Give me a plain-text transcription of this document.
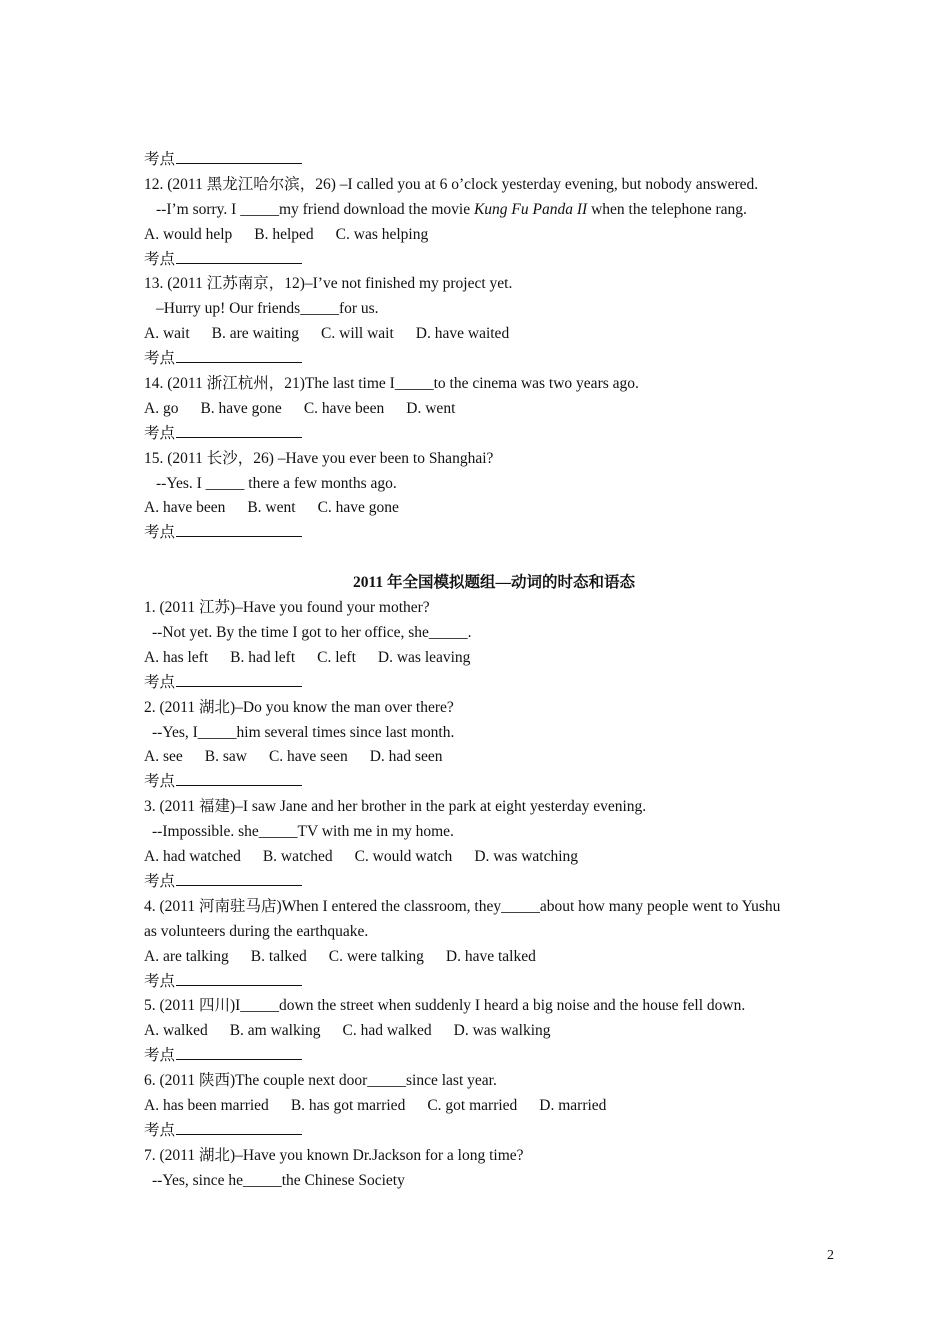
考点
12. (2011 黑龙江哈尔滨，26) –I called you at 6 o’clock yesterday evening, but nobody answered.
--I’m sorry. I _____my friend download the movie Kung Fu Panda II when the telephone rang.
A. would help B. helped C. was helping
考点
13. (2011 江苏南京，12)–I’ve not finished my project yet.
–Hurry up! Our friends_____for us.
A. wait B. are waiting C. will wait D. have waited
考点
14. (2011 浙江杭州，21)The last time I_____to the cinema was two years ago.
A. go B. have gone C. have been D. went
考点
15. (2011 长沙，26) –Have you ever been to Shanghai?
--Yes. I _____ there a few months ago.
A. have been B. went C. have gone
考点
2011 年全国模拟题组—动词的时态和语态
1. (2011 江苏)–Have you found your mother?
--Not yet. By the time I got to her office, she_____.
A. has left B. had left C. left D. was leaving
考点
2. (2011 湖北)–Do you know the man over there?
--Yes, I_____him several times since last month.
A. see B. saw C. have seen D. had seen
考点
3. (2011 福建)–I saw Jane and her brother in the park at eight yesterday evening.
--Impossible. she_____TV with me in my home.
A. had watched B. watched C. would watch D. was watching
考点
4. (2011 河南驻马店)When I entered the classroom, they_____about how many people went to Yushu
as volunteers during the earthquake.
A. are talking B. talked C. were talking D. have talked
考点
5. (2011 四川)I_____down the street when suddenly I heard a big noise and the house fell down.
A. walked B. am walking C. had walked D. was walking
考点
6. (2011 陕西)The couple next door_____since last year.
A. has been married B. has got married C. got married D. married
考点
7. (2011 湖北)–Have you known Dr.Jackson for a long time?
--Yes, since he_____the Chinese Society
2
